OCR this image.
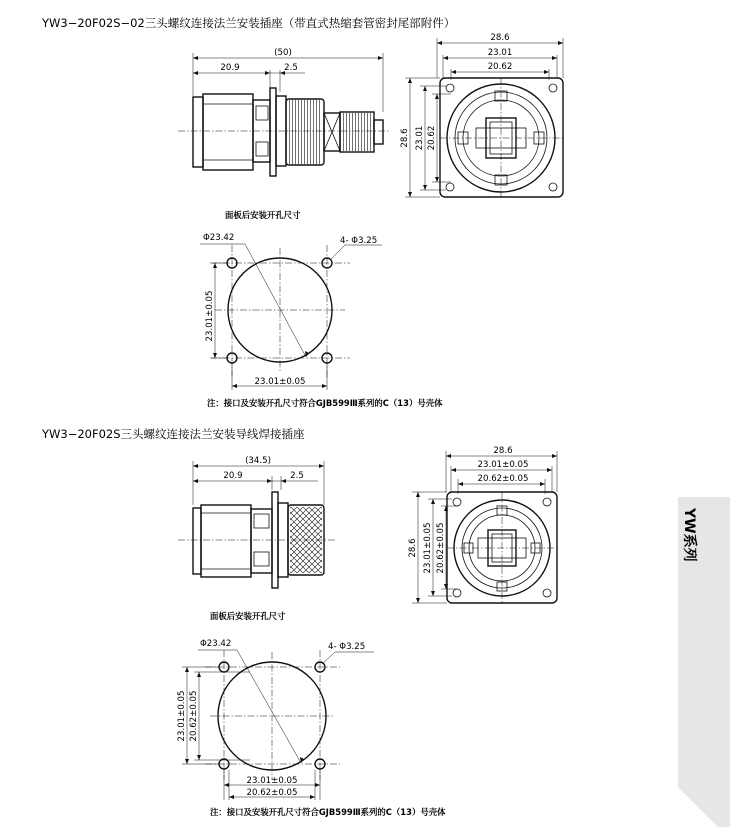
YW系列
YW3−20F02S−02三头螺纹连接法兰安装插座（带直式热缩套管密封尾部附件）
(50)
20.9	2.5
28.6
23.01
20.62
28.6 23.01 20.62
面板后安装开孔尺寸
Φ23.42	4- Φ3.25
23.01±0.05
23.01±0.05
注：接口及安装开孔尺寸符合GJB599Ⅲ系列的C（13）号壳体
YW3−20F02S三头螺纹连接法兰安装导线焊接插座
(34.5)
20.9	2.5
28.6
23.01±0.05
20.62±0.05
28.6 23.01±0.05 20.62±0.05
面板后安装开孔尺寸
Φ23.42	4- Φ3.25
23.01±0.05 20.62±0.05
23.01±0.05
20.62±0.05
注：接口及安装开孔尺寸符合GJB599Ⅲ系列的C（13）号壳体
